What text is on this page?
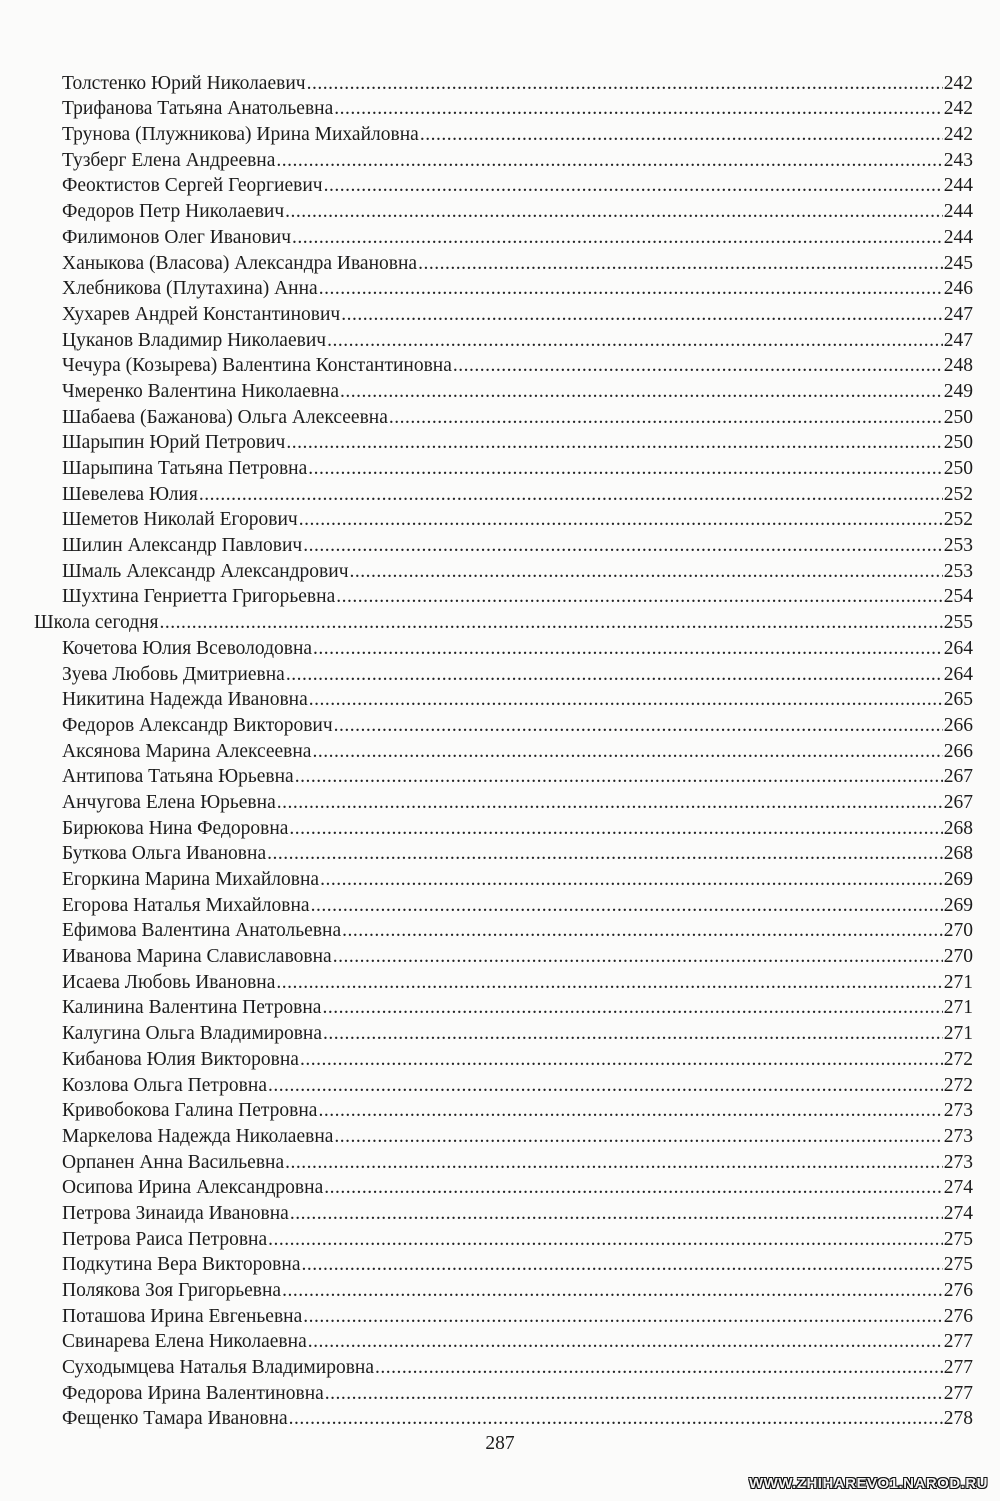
Толстенко Юрий Николаевич .....	242
Трифанова Татьяна Анатольевна .....	242
Трунова (Плужникова) Ирина Михайловна .....	242
Тузберг Елена Андреевна .....	243
Феоктистов Сергей Георгиевич .....	244
Федоров Петр Николаевич .....	244
Филимонов Олег Иванович .....	244
Ханыкова (Власова) Александра Ивановна .....	245
Хлебникова (Плутахина) Анна .....	246
Хухарев Андрей Константинович .....	247
Цуканов Владимир Николаевич .....	247
Чечура (Козырева) Валентина Константиновна .....	248
Чмеренко Валентина Николаевна .....	249
Шабаева (Бажанова) Ольга Алексеевна .....	250
Шарыпин Юрий Петрович .....	250
Шарыпина Татьяна Петровна .....	250
Шевелева Юлия .....	252
Шеметов Николай Егорович .....	252
Шилин Александр Павлович .....	253
Шмаль Александр Александрович .....	253
Шухтина Генриетта Григорьевна .....	254
Школа сегодня .....	255
Кочетова Юлия Всеволодовна .....	264
Зуева Любовь Дмитриевна .....	264
Никитина Надежда Ивановна .....	265
Федоров Александр Викторович .....	266
Аксянова Марина Алексеевна .....	266
Антипова Татьяна Юрьевна .....	267
Анчугова Елена Юрьевна .....	267
Бирюкова Нина Федоровна .....	268
Буткова Ольга Ивановна .....	268
Егоркина Марина Михайловна .....	269
Егорова Наталья Михайловна .....	269
Ефимова Валентина Анатольевна .....	270
Иванова Марина Славиславовна .....	270
Исаева Любовь Ивановна .....	271
Калинина Валентина Петровна .....	271
Калугина Ольга Владимировна .....	271
Кибанова Юлия Викторовна .....	272
Козлова Ольга Петровна .....	272
Кривобокова Галина Петровна .....	273
Маркелова Надежда Николаевна .....	273
Орпанен Анна Васильевна .....	273
Осипова Ирина Александровна .....	274
Петрова Зинаида Ивановна .....	274
Петрова Раиса Петровна .....	275
Подкутина Вера Викторовна .....	275
Полякова Зоя Григорьевна .....	276
Поташова Ирина Евгеньевна .....	276
Свинарева Елена Николаевна .....	277
Суходымцева Наталья Владимировна .....	277
Федорова Ирина Валентиновна .....	277
Фещенко Тамара Ивановна .....	278
287
WWW.ZHIHAREVO1.NAROD.RU
